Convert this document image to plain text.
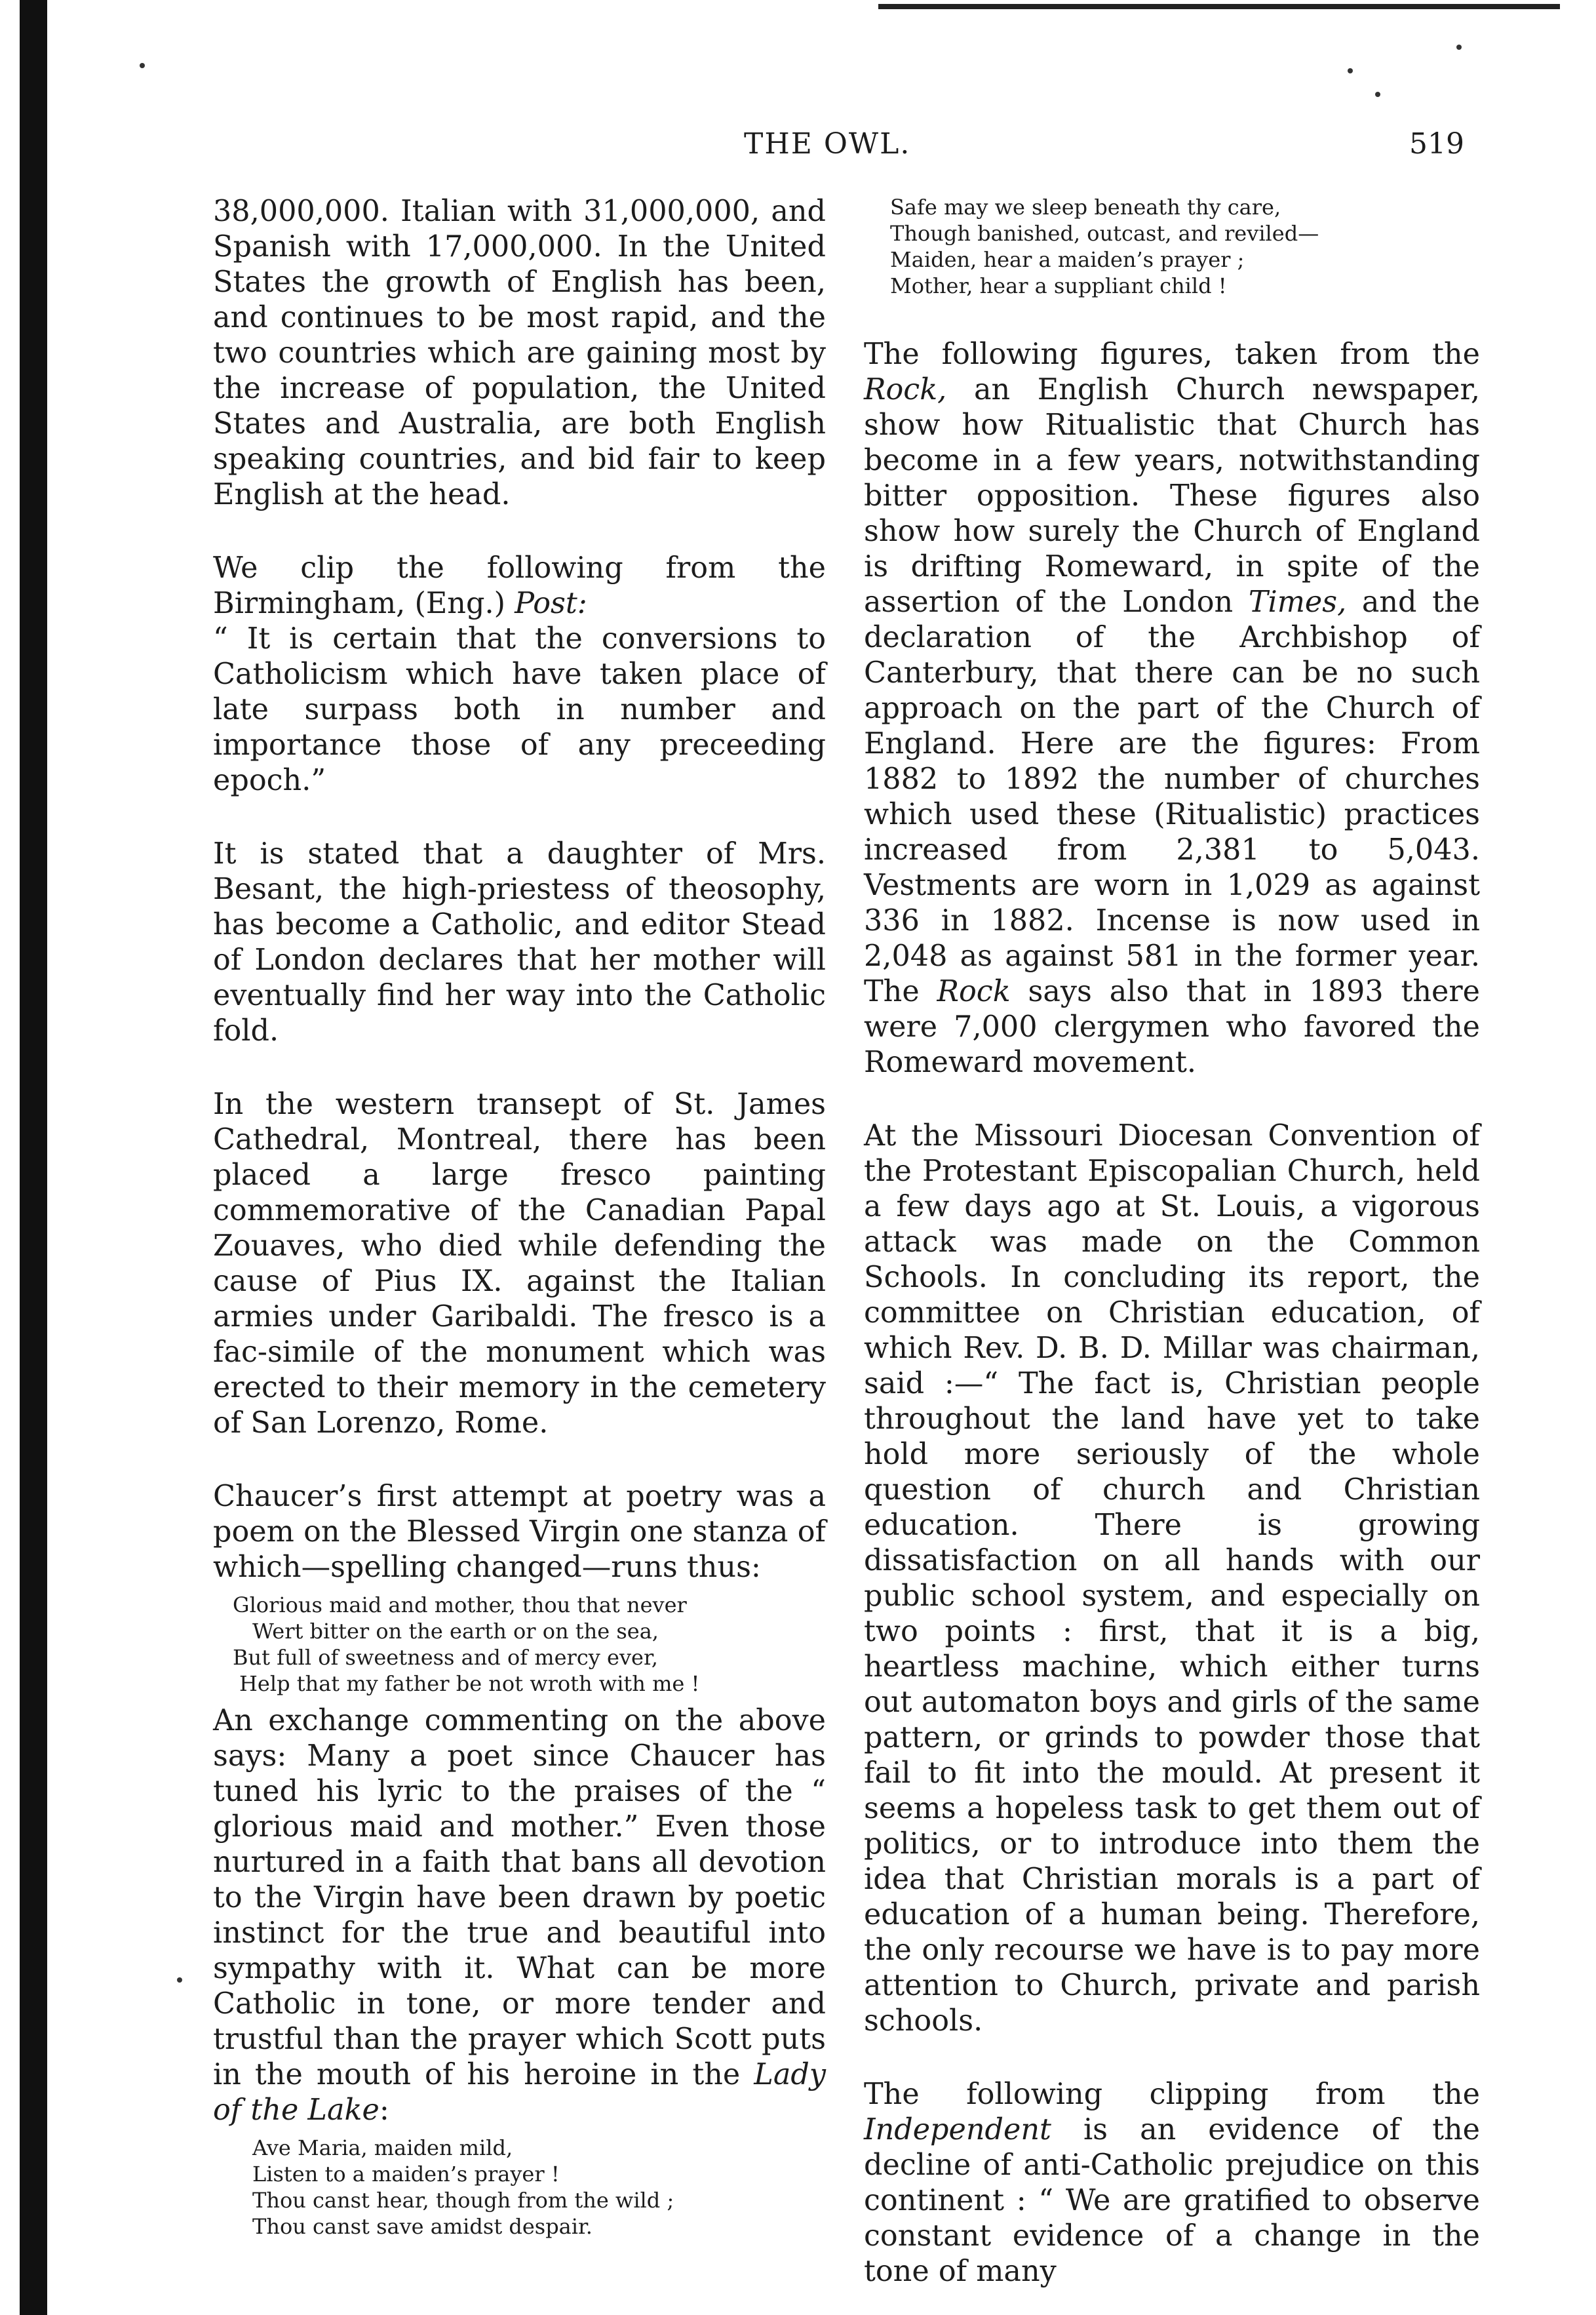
THE OWL.	519

38,000,000. Italian with 31,000,000, and Spanish with 17,000,000. In the United States the growth of English has been, and continues to be most rapid, and the two countries which are gaining most by the increase of population, the United States and Australia, are both English speaking countries, and bid fair to keep English at the head.

We clip the following from the Birmingham, (Eng.) Post:

“ It is certain that the conversions to Catholicism which have taken place of late surpass both in number and importance those of any preceeding epoch.”

It is stated that a daughter of Mrs. Besant, the high-priestess of theosophy, has become a Catholic, and editor Stead of London declares that her mother will eventually find her way into the Catholic fold.

In the western transept of St. James Cathedral, Montreal, there has been placed a large fresco painting commemorative of the Canadian Papal Zouaves, who died while defending the cause of Pius IX. against the Italian armies under Garibaldi. The fresco is a fac-simile of the monument which was erected to their memory in the cemetery of San Lorenzo, Rome.

Chaucer’s first attempt at poetry was a poem on the Blessed Virgin one stanza of which—spelling changed—runs thus:

Glorious maid and mother, thou that never
Wert bitter on the earth or on the sea,
But full of sweetness and of mercy ever,
Help that my father be not wroth with me !

An exchange commenting on the above says: Many a poet since Chaucer has tuned his lyric to the praises of the “ glorious maid and mother.” Even those nurtured in a faith that bans all devotion to the Virgin have been drawn by poetic instinct for the true and beautiful into sympathy with it. What can be more Catholic in tone, or more tender and trustful than the prayer which Scott puts in the mouth of his heroine in the Lady of the Lake:

Ave Maria, maiden mild,
Listen to a maiden’s prayer !
Thou canst hear, though from the wild ;
Thou canst save amidst despair.
Safe may we sleep beneath thy care,
Though banished, outcast, and reviled—
Maiden, hear a maiden’s prayer ;
Mother, hear a suppliant child !

The following figures, taken from the Rock, an English Church newspaper, show how Ritualistic that Church has become in a few years, notwithstanding bitter opposition. These figures also show how surely the Church of England is drifting Romeward, in spite of the assertion of the London Times, and the declaration of the Archbishop of Canterbury, that there can be no such approach on the part of the Church of England. Here are the figures: From 1882 to 1892 the number of churches which used these (Ritualistic) practices increased from 2,381 to 5,043. Vestments are worn in 1,029 as against 336 in 1882. Incense is now used in 2,048 as against 581 in the former year. The Rock says also that in 1893 there were 7,000 clergymen who favored the Romeward movement.

At the Missouri Diocesan Convention of the Protestant Episcopalian Church, held a few days ago at St. Louis, a vigorous attack was made on the Common Schools. In concluding its report, the committee on Christian education, of which Rev. D. B. D. Millar was chairman, said :—“ The fact is, Christian people throughout the land have yet to take hold more seriously of the whole question of church and Christian education. There is growing dissatisfaction on all hands with our public school system, and especially on two points : first, that it is a big, heartless machine, which either turns out automaton boys and girls of the same pattern, or grinds to powder those that fail to fit into the mould. At present it seems a hopeless task to get them out of politics, or to introduce into them the idea that Christian morals is a part of education of a human being. Therefore, the only recourse we have is to pay more attention to Church, private and parish schools.

The following clipping from the Independent is an evidence of the decline of anti-Catholic prejudice on this continent : “ We are gratified to observe constant evidence of a change in the tone of many
